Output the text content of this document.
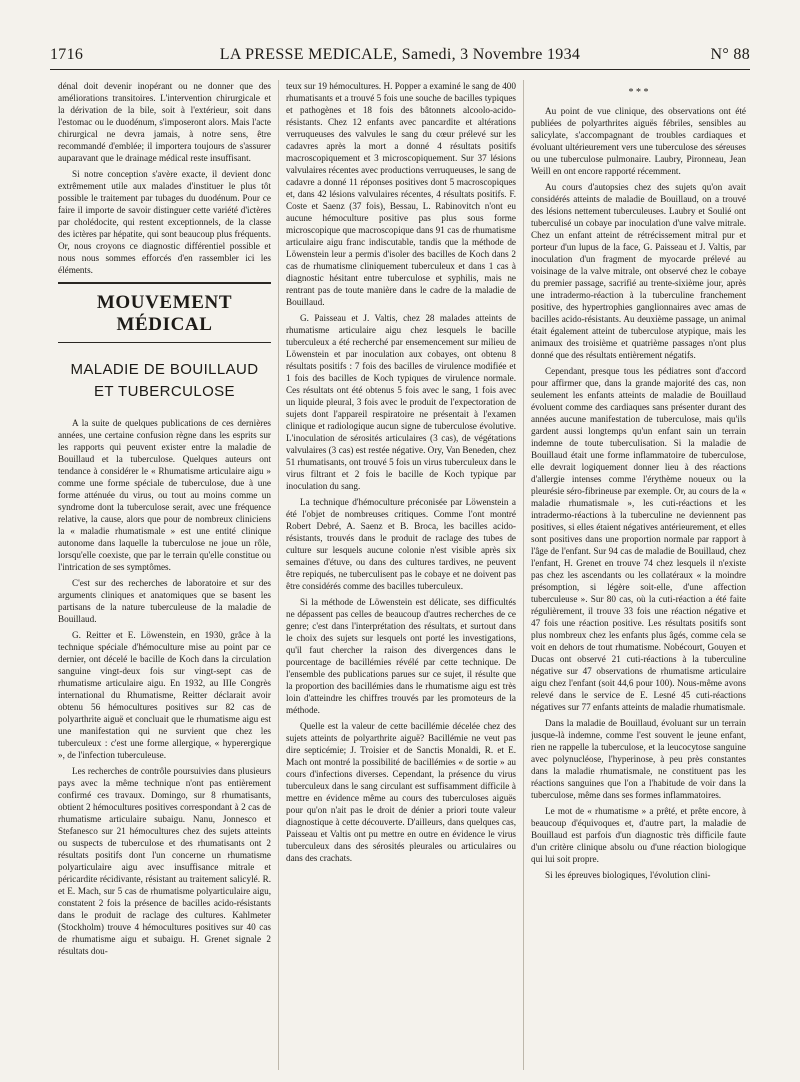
1716	LA PRESSE MEDICALE, Samedi, 3 Novembre 1934	N° 88

dénal doit devenir inopérant ou ne donner que des améliorations transitoires. L'intervention chirurgicale et la dérivation de la bile, soit à l'extérieur, soit dans l'estomac ou le duodénum, s'imposeront alors. Mais l'acte chirurgical ne devra jamais, à notre sens, être recommandé d'emblée; il importera toujours de s'assurer auparavant que le drainage médical reste insuffisant.

Si notre conception s'avère exacte, il devient donc extrêmement utile aux malades d'instituer le plus tôt possible le traitement par tubages du duodénum. Pour ce faire il importe de savoir distinguer cette variété d'ictères par cholédocite, qui restent exceptionnels, de la classe des ictères par hépatite, qui sont beaucoup plus fréquents. Or, nous croyons ce diagnostic différentiel possible et nous nous sommes efforcés d'en rassembler ici les éléments.

MOUVEMENT MÉDICAL
MALADIE DE BOUILLAUD
ET TUBERCULOSE

A la suite de quelques publications de ces dernières années, une certaine confusion règne dans les esprits sur les rapports qui peuvent exister entre la maladie de Bouillaud et la tuberculose. Quelques auteurs ont tendance à considérer le « Rhumatisme articulaire aigu » comme une forme spéciale de tuberculose, due à une forme atténuée du virus, ou tout au moins comme un syndrome dont la tuberculose serait, avec une fréquence relative, la cause, alors que pour de nombreux cliniciens la « maladie rhumatismale » est une entité clinique autonome dans laquelle la tuberculose ne joue un rôle, lorsqu'elle coexiste, que par le terrain qu'elle constitue ou l'intrication de ses symptômes.

C'est sur des recherches de laboratoire et sur des arguments cliniques et anatomiques que se basent les partisans de la nature tuberculeuse de la maladie de Bouillaud.

G. Reitter et E. Löwenstein, en 1930, grâce à la technique spéciale d'hémoculture mise au point par ce dernier, ont décelé le bacille de Koch dans la circulation sanguine vingt-deux fois sur vingt-sept cas de rhumatisme articulaire aigu. En 1932, au IIIe Congrès international du Rhumatisme, Reitter déclarait avoir obtenu 56 hémocultures positives sur 82 cas de polyarthrite aiguë et concluait que le rhumatisme aigu est une manifestation qui ne survient que chez les tuberculeux : c'est une forme allergique, « hyperergique », de l'infection tuberculeuse.

Les recherches de contrôle poursuivies dans plusieurs pays avec la même technique n'ont pas entièrement confirmé ces travaux. Domingo, sur 8 rhumatisants, obtient 2 hémocultures positives correspondant à 2 cas de rhumatisme articulaire subaigu. Nanu, Jonnesco et Stefanesco sur 21 hémocultures chez des sujets atteints ou suspects de tuberculose et des rhumatisants ont 2 résultats positifs dont l'un concerne un rhumatisme polyarticulaire aigu avec insuffisance mitrale et péricardite récidivante, résistant au traitement salicylé. R. et E. Mach, sur 5 cas de rhumatisme polyarticulaire aigu, constatent 2 fois la présence de bacilles acido-résistants dans le produit de raclage des cultures. Kahlmeter (Stockholm) trouve 4 hémocultures positives sur 40 cas de rhumatisme aigu et subaigu. H. Grenet signale 2 résultats dou-

teux sur 19 hémocultures. H. Popper a examiné le sang de 400 rhumatisants et a trouvé 5 fois une souche de bacilles typiques et pathogènes et 18 fois des bâtonnets alcoolo-acido-résistants. Chez 12 enfants avec pancardite et altérations verruqueuses des valvules le sang du cœur prélevé sur les cadavres après la mort a donné 4 résultats positifs macroscopiquement et 3 microscopiquement. Sur 37 lésions valvulaires récentes avec productions verruqueuses, le sang de cadavre a donné 11 réponses positives dont 5 macroscopiques et, dans 42 lésions valvulaires récentes, 4 résultats positifs. F. Coste et Saenz (37 fois), Bessau, L. Rabinovitch n'ont eu aucune hémoculture positive pas plus sous forme microscopique que macroscopique dans 91 cas de rhumatisme articulaire aigu franc indiscutable, tandis que la méthode de Löwenstein leur a permis d'isoler des bacilles de Koch dans 2 cas de rhumatisme cliniquement tuberculeux et dans 1 cas à diagnostic hésitant entre tuberculose et syphilis, mais ne rentrant pas de toute manière dans le cadre de la maladie de Bouillaud.

G. Paisseau et J. Valtis, chez 28 malades atteints de rhumatisme articulaire aigu chez lesquels le bacille tuberculeux a été recherché par ensemencement sur milieu de Löwenstein et par inoculation aux cobayes, ont obtenu 8 résultats positifs : 7 fois des bacilles de virulence modifiée et 1 fois des bacilles de Koch typiques de virulence normale. Ces résultats ont été obtenus 5 fois avec le sang, 1 fois avec un liquide pleural, 3 fois avec le produit de l'expectoration de sujets dont l'appareil respiratoire ne présentait à l'examen clinique et radiologique aucun signe de tuberculose évolutive. L'inoculation de sérosités articulaires (3 cas), de végétations valvulaires (3 cas) est restée négative. Ory, Van Beneden, chez 51 rhumatisants, ont trouvé 5 fois un virus tuberculeux dans le virus filtrant et 2 fois le bacille de Koch typique par inoculation du sang.

La technique d'hémoculture préconisée par Löwenstein a été l'objet de nombreuses critiques. Comme l'ont montré Robert Debré, A. Saenz et B. Broca, les bacilles acido-résistants, trouvés dans le produit de raclage des tubes de culture sur lesquels aucune colonie n'est visible après six semaines d'étuve, ou dans des cultures tardives, ne peuvent être repiqués, ne tuberculisent pas le cobaye et ne doivent pas être considérés comme des bacilles tuberculeux.

Si la méthode de Löwenstein est délicate, ses difficultés ne dépassent pas celles de beaucoup d'autres recherches de ce genre; c'est dans l'interprétation des résultats, et surtout dans le choix des sujets sur lesquels ont porté les investigations, qu'il faut chercher la raison des divergences dans le pourcentage de bacillémies révélé par cette technique. De l'ensemble des publications parues sur ce sujet, il résulte que la proportion des bacillémies dans le rhumatisme aigu est très loin d'atteindre les chiffres trouvés par les promoteurs de la méthode.

Quelle est la valeur de cette bacillémie décelée chez des sujets atteints de polyarthrite aiguë? Bacillémie ne veut pas dire septicémie; J. Troisier et de Sanctis Monaldi, R. et E. Mach ont montré la possibilité de bacillémies « de sortie » au cours d'infections diverses. Cependant, la présence du virus tuberculeux dans le sang circulant est suffisamment difficile à mettre en évidence même au cours des tuberculoses aiguës pour qu'on n'ait pas le droit de dénier a priori toute valeur diagnostique à cette découverte. D'ailleurs, dans quelques cas, Paisseau et Valtis ont pu mettre en outre en évidence le virus tuberculeux dans des sérosités pleurales ou articulaires ou dans des crachats.

* * *

Au point de vue clinique, des observations ont été publiées de polyarthrites aiguës fébriles, sensibles au salicylate, s'accompagnant de troubles cardiaques et évoluant ultérieurement vers une tuberculose des séreuses ou une tuberculose pulmonaire. Laubry, Pironneau, Jean Weill en ont encore rapporté récemment.

Au cours d'autopsies chez des sujets qu'on avait considérés atteints de maladie de Bouillaud, on a trouvé des lésions nettement tuberculeuses. Laubry et Soulié ont tuberculisé un cobaye par inoculation d'une valve mitrale. Chez un enfant atteint de rétrécissement mitral pur et porteur d'un lupus de la face, G. Paisseau et J. Valtis, par inoculation d'un fragment de myocarde prélevé au voisinage de la valve mitrale, ont observé chez le cobaye du premier passage, sacrifié au trente-sixième jour, après une intradermo-réaction à la tuberculine franchement positive, des hypertrophies ganglionnaires avec amas de bacilles acido-résistants. Au deuxième passage, un animal était également atteint de tuberculose atypique, mais les animaux des troisième et quatrième passages n'ont plus donné que des résultats entièrement négatifs.

Cependant, presque tous les pédiatres sont d'accord pour affirmer que, dans la grande majorité des cas, non seulement les enfants atteints de maladie de Bouillaud évoluent comme des cardiaques sans présenter durant des années aucune manifestation de tuberculose, mais qu'ils gardent aussi longtemps qu'un enfant sain un terrain indemne de toute tuberculisation. Si la maladie de Bouillaud était une forme inflammatoire de tuberculose, elle devrait logiquement donner lieu à des réactions d'allergie intenses comme l'érythème noueux ou la pleurésie séro-fibrineuse par exemple. Or, au cours de la « maladie rhumatismale », les cuti-réactions et les intradermo-réactions à la tuberculine ne deviennent pas positives, si elles étaient négatives antérieurement, et elles sont positives dans une proportion normale par rapport à l'âge de l'enfant. Sur 94 cas de maladie de Bouillaud, chez l'enfant, H. Grenet en trouve 74 chez lesquels il n'existe pas chez les ascendants ou les collatéraux « la moindre présomption, si légère soit-elle, d'une affection tuberculeuse ». Sur 80 cas, où la cuti-réaction a été faite régulièrement, il trouve 33 fois une réaction négative et 47 fois une réaction positive. Les résultats positifs sont plus nombreux chez les enfants plus âgés, comme cela se voit en dehors de tout rhumatisme. Nobécourt, Gouyen et Ducas ont observé 21 cuti-réactions à la tuberculine négative sur 47 observations de rhumatisme articulaire aigu chez l'enfant (soit 44,6 pour 100). Nous-même avons relevé dans le service de E. Lesné 45 cuti-réactions négatives sur 77 enfants atteints de maladie rhumatismale.

Dans la maladie de Bouillaud, évoluant sur un terrain jusque-là indemne, comme l'est souvent le jeune enfant, rien ne rappelle la tuberculose, et la leucocytose sanguine avec polynucléose, l'hyperinose, à peu près constantes dans la maladie rhumatismale, ne constituent pas les réactions sanguines que l'on a l'habitude de voir dans la tuberculose, même dans ses formes inflammatoires.

Le mot de « rhumatisme » a prêté, et prête encore, à beaucoup d'équivoques et, d'autre part, la maladie de Bouillaud est parfois d'un diagnostic très difficile faute d'un critère clinique absolu ou d'une réaction biologique qui lui soit propre.

Si les épreuves biologiques, l'évolution clini-
